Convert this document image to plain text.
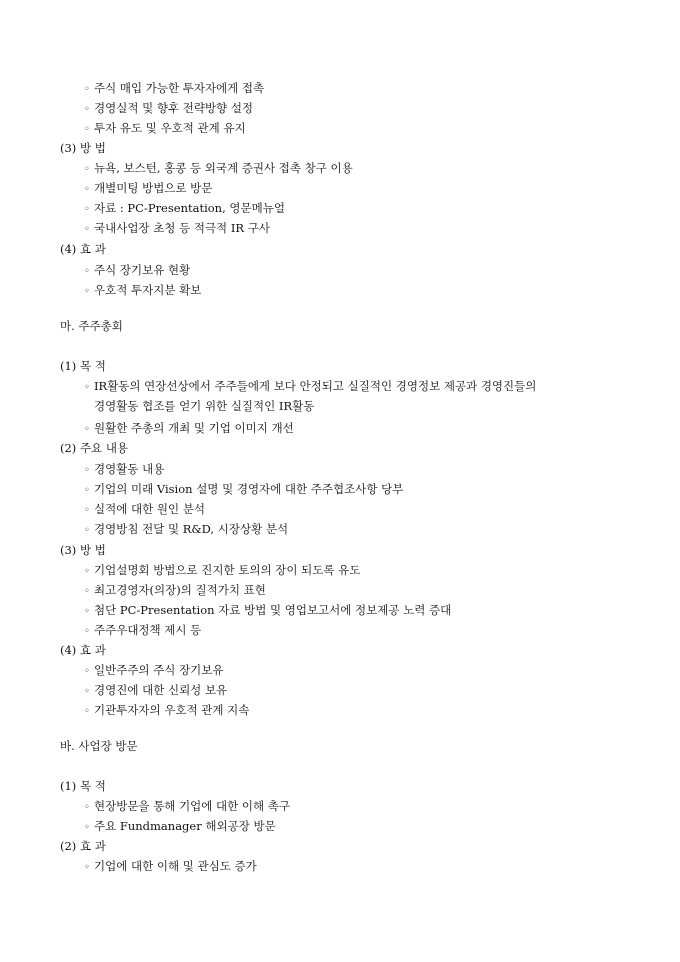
◦ 주식 매입 가능한 투자자에게 접촉
◦ 경영실적 및 향후 전략방향 설정
◦ 투자 유도 및 우호적 관계 유지
(3) 방 법
◦ 뉴욕, 보스턴, 홍콩 등 외국계 증권사 접촉 창구 이용
◦ 개별미팅 방법으로 방문
◦ 자료 : PC-Presentation, 영문메뉴얼
◦ 국내사업장 초청 등 적극적 IR 구사
(4) 효 과
◦ 주식 장기보유 현황
◦ 우호적 투자지분 확보
마. 주주총회
(1) 목 적
◦ IR활동의 연장선상에서 주주들에게 보다 안정되고 실질적인 경영정보 제공과 경영진들의
경영활동 협조를 얻기 위한 실질적인 IR활동
◦ 원활한 주총의 개최 및 기업 이미지 개선
(2) 주요 내용
◦ 경영활동 내용
◦ 기업의 미래 Vision 설명 및 경영자에 대한 주주협조사항 당부
◦ 실적에 대한 원인 분석
◦ 경영방침 전달 및 R&D, 시장상황 분석
(3) 방 법
◦ 기업설명회 방법으로 진지한 토의의 장이 되도록 유도
◦ 최고경영자(의장)의 질적가치 표현
◦ 첨단 PC-Presentation 자료 방법 및 영업보고서에 정보제공 노력 증대
◦ 주주우대정책 제시 등
(4) 효 과
◦ 일반주주의 주식 장기보유
◦ 경영진에 대한 신뢰성 보유
◦ 기관투자자의 우호적 관계 지속
바. 사업장 방문
(1) 목 적
◦ 현장방문을 통해 기업에 대한 이해 촉구
◦ 주요 Fundmanager 해외공장 방문
(2) 효 과
◦ 기업에 대한 이해 및 관심도 증가
